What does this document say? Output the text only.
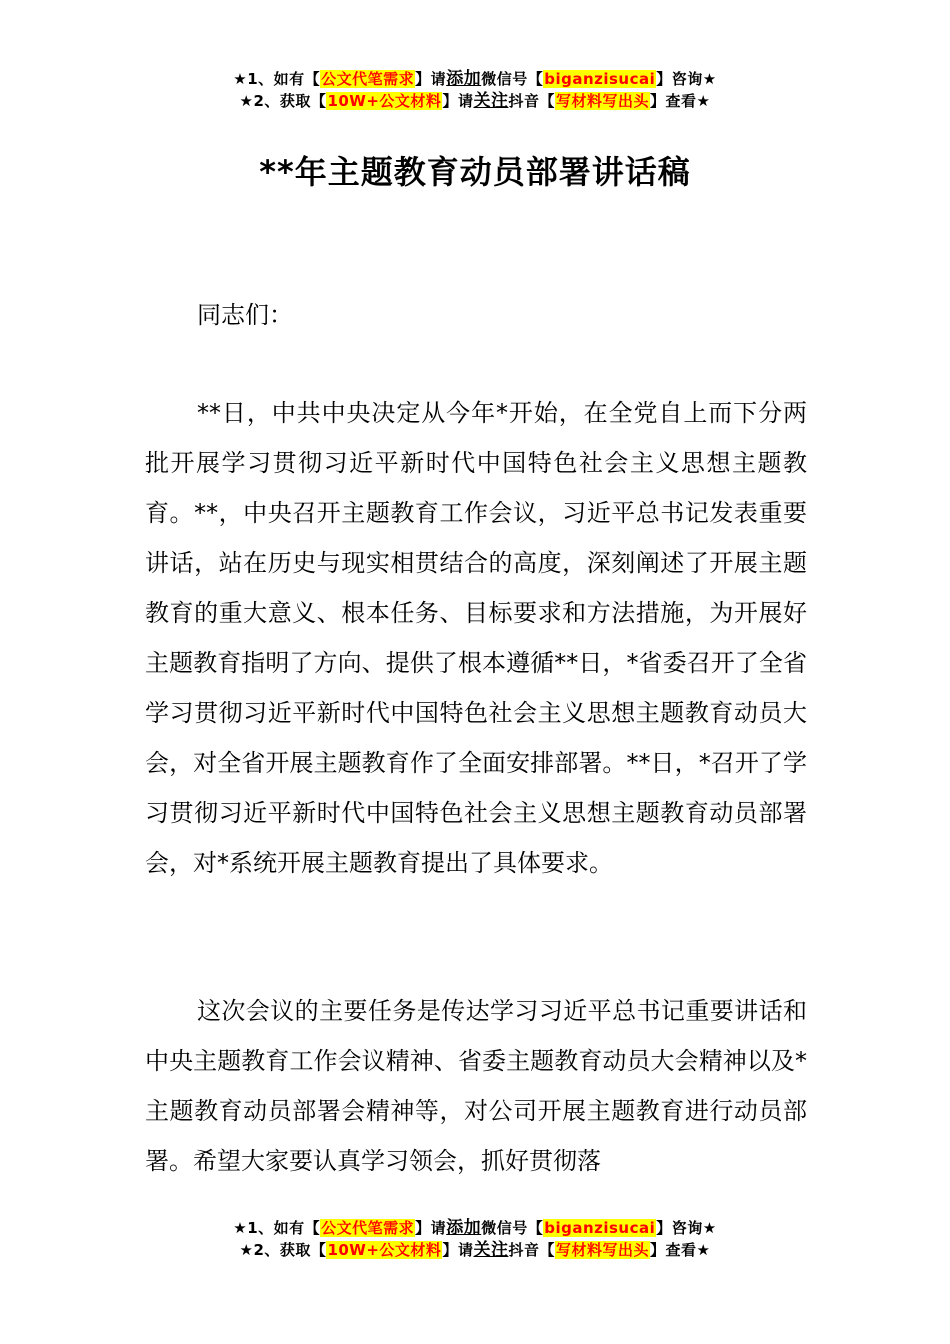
★1、如有【公文代笔需求】请添加微信号【biganzisucai】咨询★
★2、获取【10W+公文材料】请关注抖音【写材料写出头】查看★
**年主题教育动员部署讲话稿

同志们：

**日，中共中央决定从今年*开始，在全党自上而下分两批开展学习贯彻习近平新时代中国特色社会主义思想主题教育。**，中央召开主题教育工作会议，习近平总书记发表重要讲话，站在历史与现实相贯结合的高度，深刻阐述了开展主题教育的重大意义、根本任务、目标要求和方法措施，为开展好主题教育指明了方向、提供了根本遵循**日，*省委召开了全省学习贯彻习近平新时代中国特色社会主义思想主题教育动员大会，对全省开展主题教育作了全面安排部署。**日，*召开了学习贯彻习近平新时代中国特色社会主义思想主题教育动员部署会，对*系统开展主题教育提出了具体要求。

这次会议的主要任务是传达学习习近平总书记重要讲话和中央主题教育工作会议精神、省委主题教育动员大会精神以及*主题教育动员部署会精神等，对公司开展主题教育进行动员部署。希望大家要认真学习领会，抓好贯彻落

★1、如有【公文代笔需求】请添加微信号【biganzisucai】咨询★
★2、获取【10W+公文材料】请关注抖音【写材料写出头】查看★
